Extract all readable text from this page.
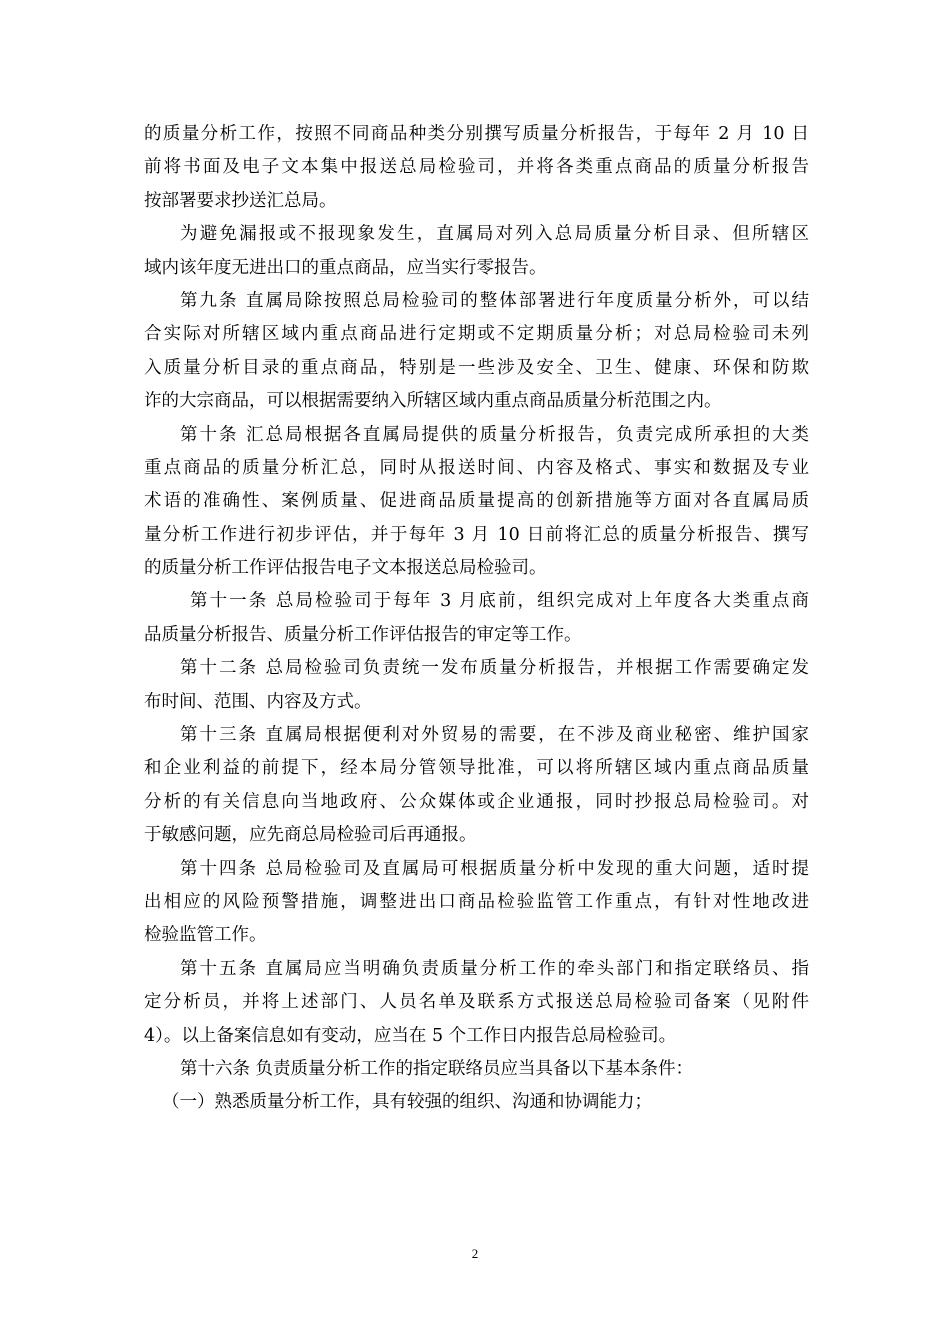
的质量分析工作，按照不同商品种类分别撰写质量分析报告，于每年 2 月 10 日
前将书面及电子文本集中报送总局检验司，并将各类重点商品的质量分析报告
按部署要求抄送汇总局。
为避免漏报或不报现象发生，直属局对列入总局质量分析目录、但所辖区
域内该年度无进出口的重点商品，应当实行零报告。
第九条 直属局除按照总局检验司的整体部署进行年度质量分析外，可以结
合实际对所辖区域内重点商品进行定期或不定期质量分析；对总局检验司未列
入质量分析目录的重点商品，特别是一些涉及安全、卫生、健康、环保和防欺
诈的大宗商品，可以根据需要纳入所辖区域内重点商品质量分析范围之内。
第十条 汇总局根据各直属局提供的质量分析报告，负责完成所承担的大类
重点商品的质量分析汇总，同时从报送时间、内容及格式、事实和数据及专业
术语的准确性、案例质量、促进商品质量提高的创新措施等方面对各直属局质
量分析工作进行初步评估，并于每年 3 月 10 日前将汇总的质量分析报告、撰写
的质量分析工作评估报告电子文本报送总局检验司。
第十一条 总局检验司于每年 3 月底前，组织完成对上年度各大类重点商
品质量分析报告、质量分析工作评估报告的审定等工作。
第十二条 总局检验司负责统一发布质量分析报告，并根据工作需要确定发
布时间、范围、内容及方式。
第十三条 直属局根据便利对外贸易的需要，在不涉及商业秘密、维护国家
和企业利益的前提下，经本局分管领导批准，可以将所辖区域内重点商品质量
分析的有关信息向当地政府、公众媒体或企业通报，同时抄报总局检验司。对
于敏感问题，应先商总局检验司后再通报。
第十四条 总局检验司及直属局可根据质量分析中发现的重大问题，适时提
出相应的风险预警措施，调整进出口商品检验监管工作重点，有针对性地改进
检验监管工作。
第十五条 直属局应当明确负责质量分析工作的牵头部门和指定联络员、指
定分析员，并将上述部门、人员名单及联系方式报送总局检验司备案（见附件
4）。以上备案信息如有变动，应当在 5 个工作日内报告总局检验司。
第十六条 负责质量分析工作的指定联络员应当具备以下基本条件：
（一）熟悉质量分析工作，具有较强的组织、沟通和协调能力；
2
